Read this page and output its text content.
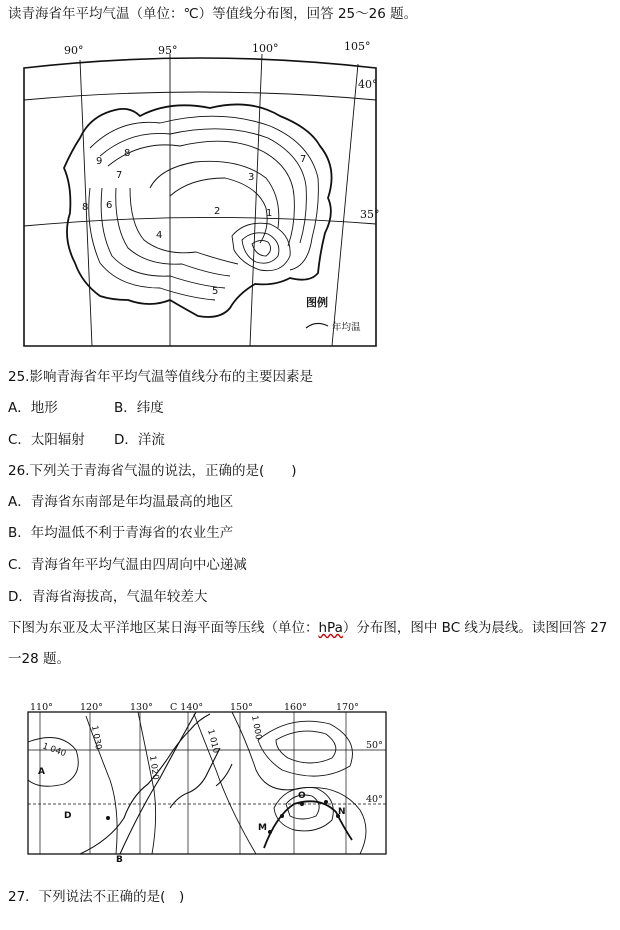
读青海省年平均气温（单位：℃）等值线分布图，回答 25～26 题。
90°	95°	100°	105°
40°
35°
9
8
7
6
8
4
3
2	1
7
5
图例
年均温
25.影响青海省年平均气温等值线分布的主要因素是
A．地形	B．纬度
C．太阳辐射 D．洋流
26.下列关于青海省气温的说法，正确的是(　　)
A．青海省东南部是年均温最高的地区
B．年均温低不利于青海省的农业生产
C．青海省年平均气温由四周向中心递减
D．青海省海拔高，气温年较差大
下图为东亚及太平洋地区某日海平面等压线（单位：hPa）分布图，图中 BC 线为晨线。读图回答 27
一28 题。
110°	120°	130° C 140°	150°	160°	170°
50°
40°
1 040	1 030
1 020
1 010
1 000
A
B
D
O
M
N
27．下列说法不正确的是(　)
